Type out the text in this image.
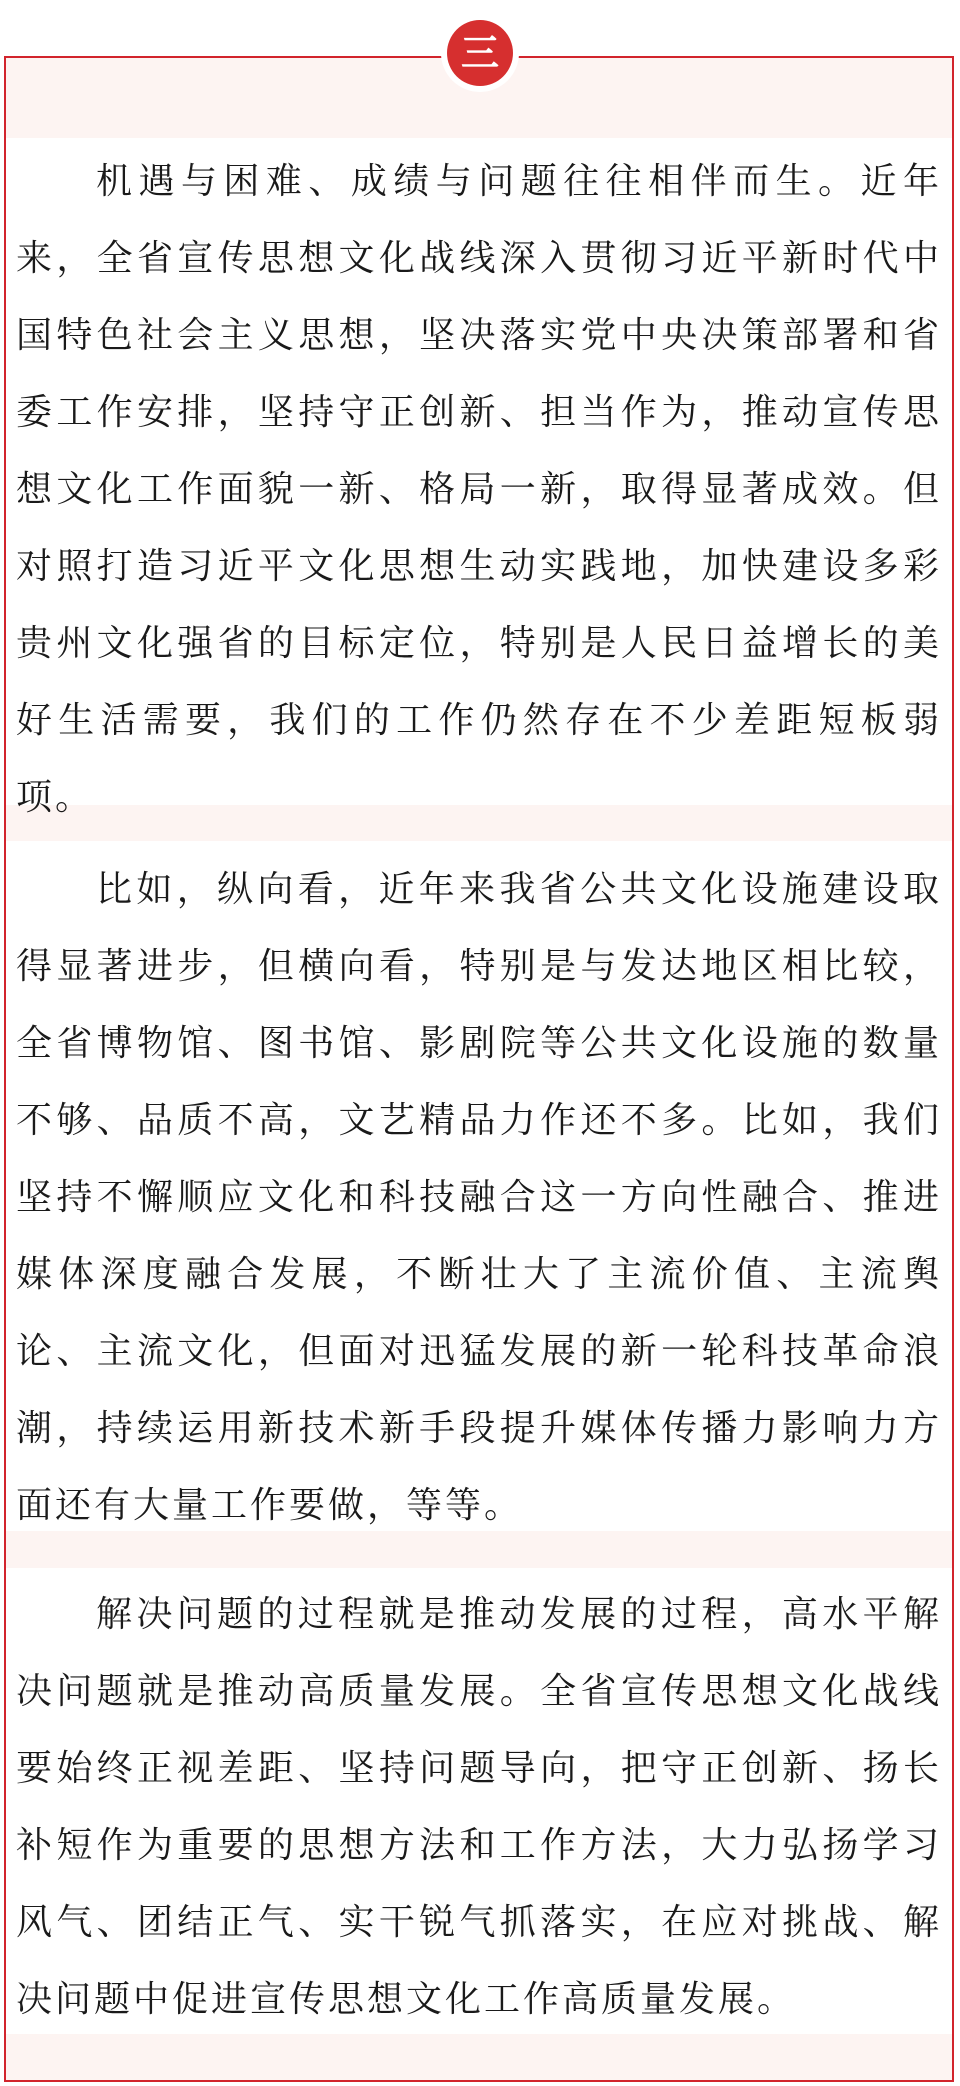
三

机遇与困难、成绩与问题往往相伴而生。近年来，全省宣传思想文化战线深入贯彻习近平新时代中国特色社会主义思想，坚决落实党中央决策部署和省委工作安排，坚持守正创新、担当作为，推动宣传思想文化工作面貌一新、格局一新，取得显著成效。但对照打造习近平文化思想生动实践地，加快建设多彩贵州文化强省的目标定位，特别是人民日益增长的美好生活需要，我们的工作仍然存在不少差距短板弱项。

比如，纵向看，近年来我省公共文化设施建设取得显著进步，但横向看，特别是与发达地区相比较，全省博物馆、图书馆、影剧院等公共文化设施的数量不够、品质不高，文艺精品力作还不多。比如，我们坚持不懈顺应文化和科技融合这一方向性融合、推进媒体深度融合发展，不断壮大了主流价值、主流舆论、主流文化，但面对迅猛发展的新一轮科技革命浪潮，持续运用新技术新手段提升媒体传播力影响力方面还有大量工作要做，等等。

解决问题的过程就是推动发展的过程，高水平解决问题就是推动高质量发展。全省宣传思想文化战线要始终正视差距、坚持问题导向，把守正创新、扬长补短作为重要的思想方法和工作方法，大力弘扬学习风气、团结正气、实干锐气抓落实，在应对挑战、解决问题中促进宣传思想文化工作高质量发展。
